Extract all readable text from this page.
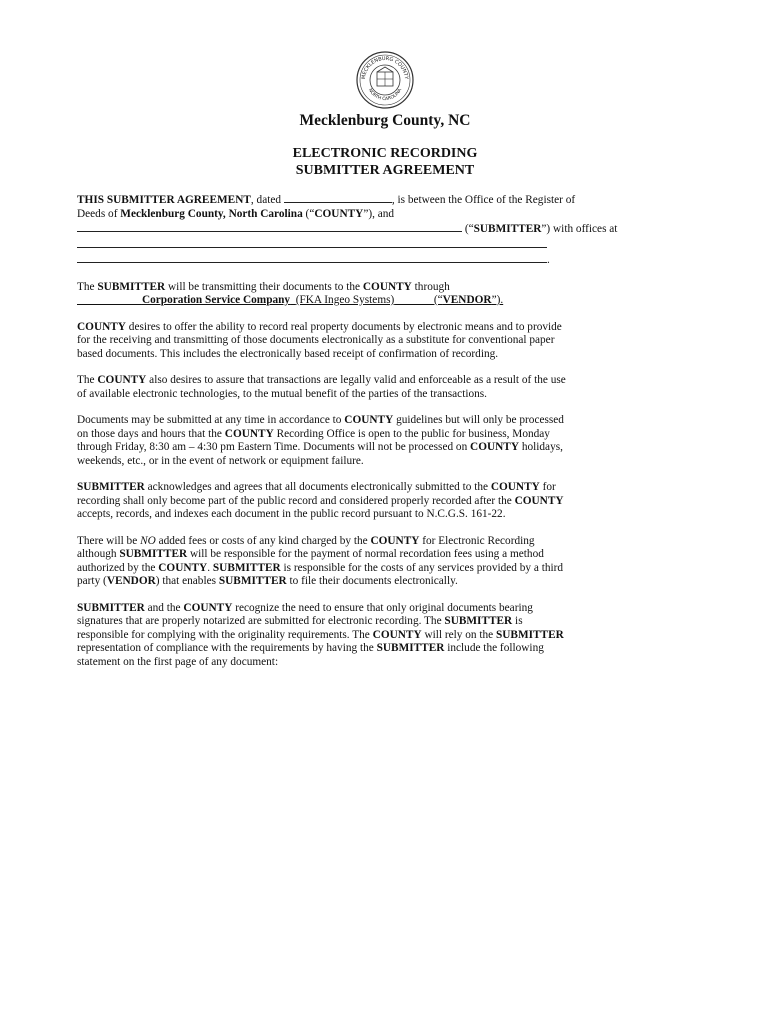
MECKLENBURG COUNTY
NORTH CAROLINA
Mecklenburg County, NC
ELECTRONIC RECORDING
SUBMITTER AGREEMENT

THIS SUBMITTER AGREEMENT, dated	, is between the Office of the Register of
Deeds of Mecklenburg County, North Carolina (“COUNTY”), and
(“SUBMITTER”) with offices at
.

The SUBMITTER will be transmitting their documents to the COUNTY through
Corporation Service Company (FKA Ingeo Systems)	(“VENDOR”).

COUNTY desires to offer the ability to record real property documents by electronic means and to provide
for the receiving and transmitting of those documents electronically as a substitute for conventional paper
based documents. This includes the electronically based receipt of confirmation of recording.

The COUNTY also desires to assure that transactions are legally valid and enforceable as a result of the use
of available electronic technologies, to the mutual benefit of the parties of the transactions.

Documents may be submitted at any time in accordance to COUNTY guidelines but will only be processed
on those days and hours that the COUNTY Recording Office is open to the public for business, Monday
through Friday, 8:30 am – 4:30 pm Eastern Time. Documents will not be processed on COUNTY holidays,
weekends, etc., or in the event of network or equipment failure.

SUBMITTER acknowledges and agrees that all documents electronically submitted to the COUNTY for
recording shall only become part of the public record and considered properly recorded after the COUNTY
accepts, records, and indexes each document in the public record pursuant to N.C.G.S. 161-22.

There will be NO added fees or costs of any kind charged by the COUNTY for Electronic Recording
although SUBMITTER will be responsible for the payment of normal recordation fees using a method
authorized by the COUNTY. SUBMITTER is responsible for the costs of any services provided by a third
party (VENDOR) that enables SUBMITTER to file their documents electronically.

SUBMITTER and the COUNTY recognize the need to ensure that only original documents bearing
signatures that are properly notarized are submitted for electronic recording. The SUBMITTER is
responsible for complying with the originality requirements. The COUNTY will rely on the SUBMITTER
representation of compliance with the requirements by having the SUBMITTER include the following
statement on the first page of any document:
